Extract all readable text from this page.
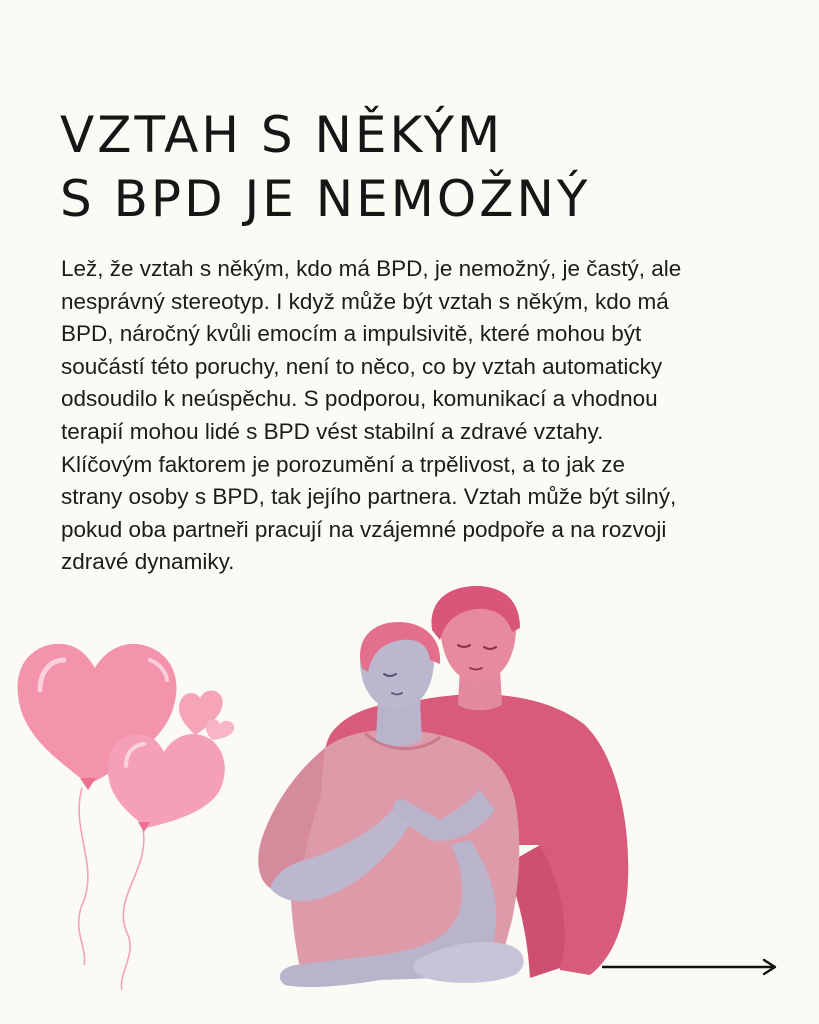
VZTAH S NĚKÝM
S BPD JE NEMOŽNÝ

Lež, že vztah s někým, kdo má BPD, je nemožný, je častý, ale
nesprávný stereotyp. I když může být vztah s někým, kdo má
BPD, náročný kvůli emocím a impulsivitě, které mohou být
součástí této poruchy, není to něco, co by vztah automaticky
odsoudilo k neúspěchu. S podporou, komunikací a vhodnou
terapií mohou lidé s BPD vést stabilní a zdravé vztahy.
Klíčovým faktorem je porozumění a trpělivost, a to jak ze
strany osoby s BPD, tak jejího partnera. Vztah může být silný,
pokud oba partneři pracují na vzájemné podpoře a na rozvoji
zdravé dynamiky.
